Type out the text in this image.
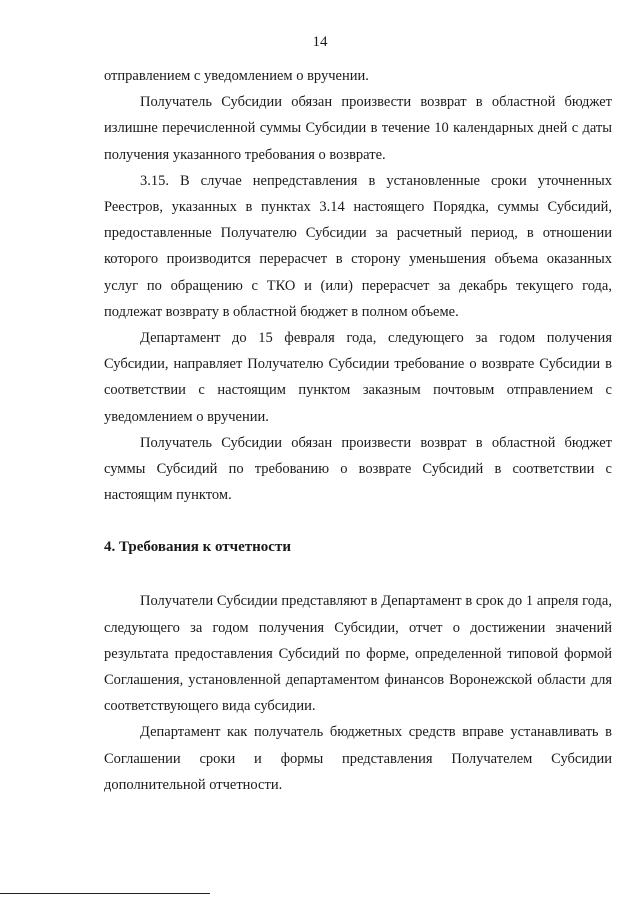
14

отправлением с уведомлением о вручении.

Получатель Субсидии обязан произвести возврат в областной бюджет излишне перечисленной суммы Субсидии в течение 10 календарных дней с даты получения указанного требования о возврате.

3.15. В случае непредставления в установленные сроки уточненных Реестров, указанных в пунктах 3.14 настоящего Порядка, суммы Субсидий, предоставленные Получателю Субсидии за расчетный период, в отношении которого производится перерасчет в сторону уменьшения объема оказанных услуг по обращению с ТКО и (или) перерасчет за декабрь текущего года, подлежат возврату в областной бюджет в полном объеме.

Департамент до 15 февраля года, следующего за годом получения Субсидии, направляет Получателю Субсидии требование о возврате Субсидии в соответствии с настоящим пунктом заказным почтовым отправлением с уведомлением о вручении.

Получатель Субсидии обязан произвести возврат в областной бюджет суммы Субсидий по требованию о возврате Субсидий в соответствии с настоящим пунктом.

4. Требования к отчетности

Получатели Субсидии представляют в Департамент в срок до 1 апреля года, следующего за годом получения Субсидии, отчет о достижении значений результата предоставления Субсидий по форме, определенной типовой формой Соглашения, установленной департаментом финансов Воронежской области для соответствующего вида субсидии.

Департамент как получатель бюджетных средств вправе устанавливать в Соглашении сроки и формы представления Получателем Субсидии дополнительной отчетности.
